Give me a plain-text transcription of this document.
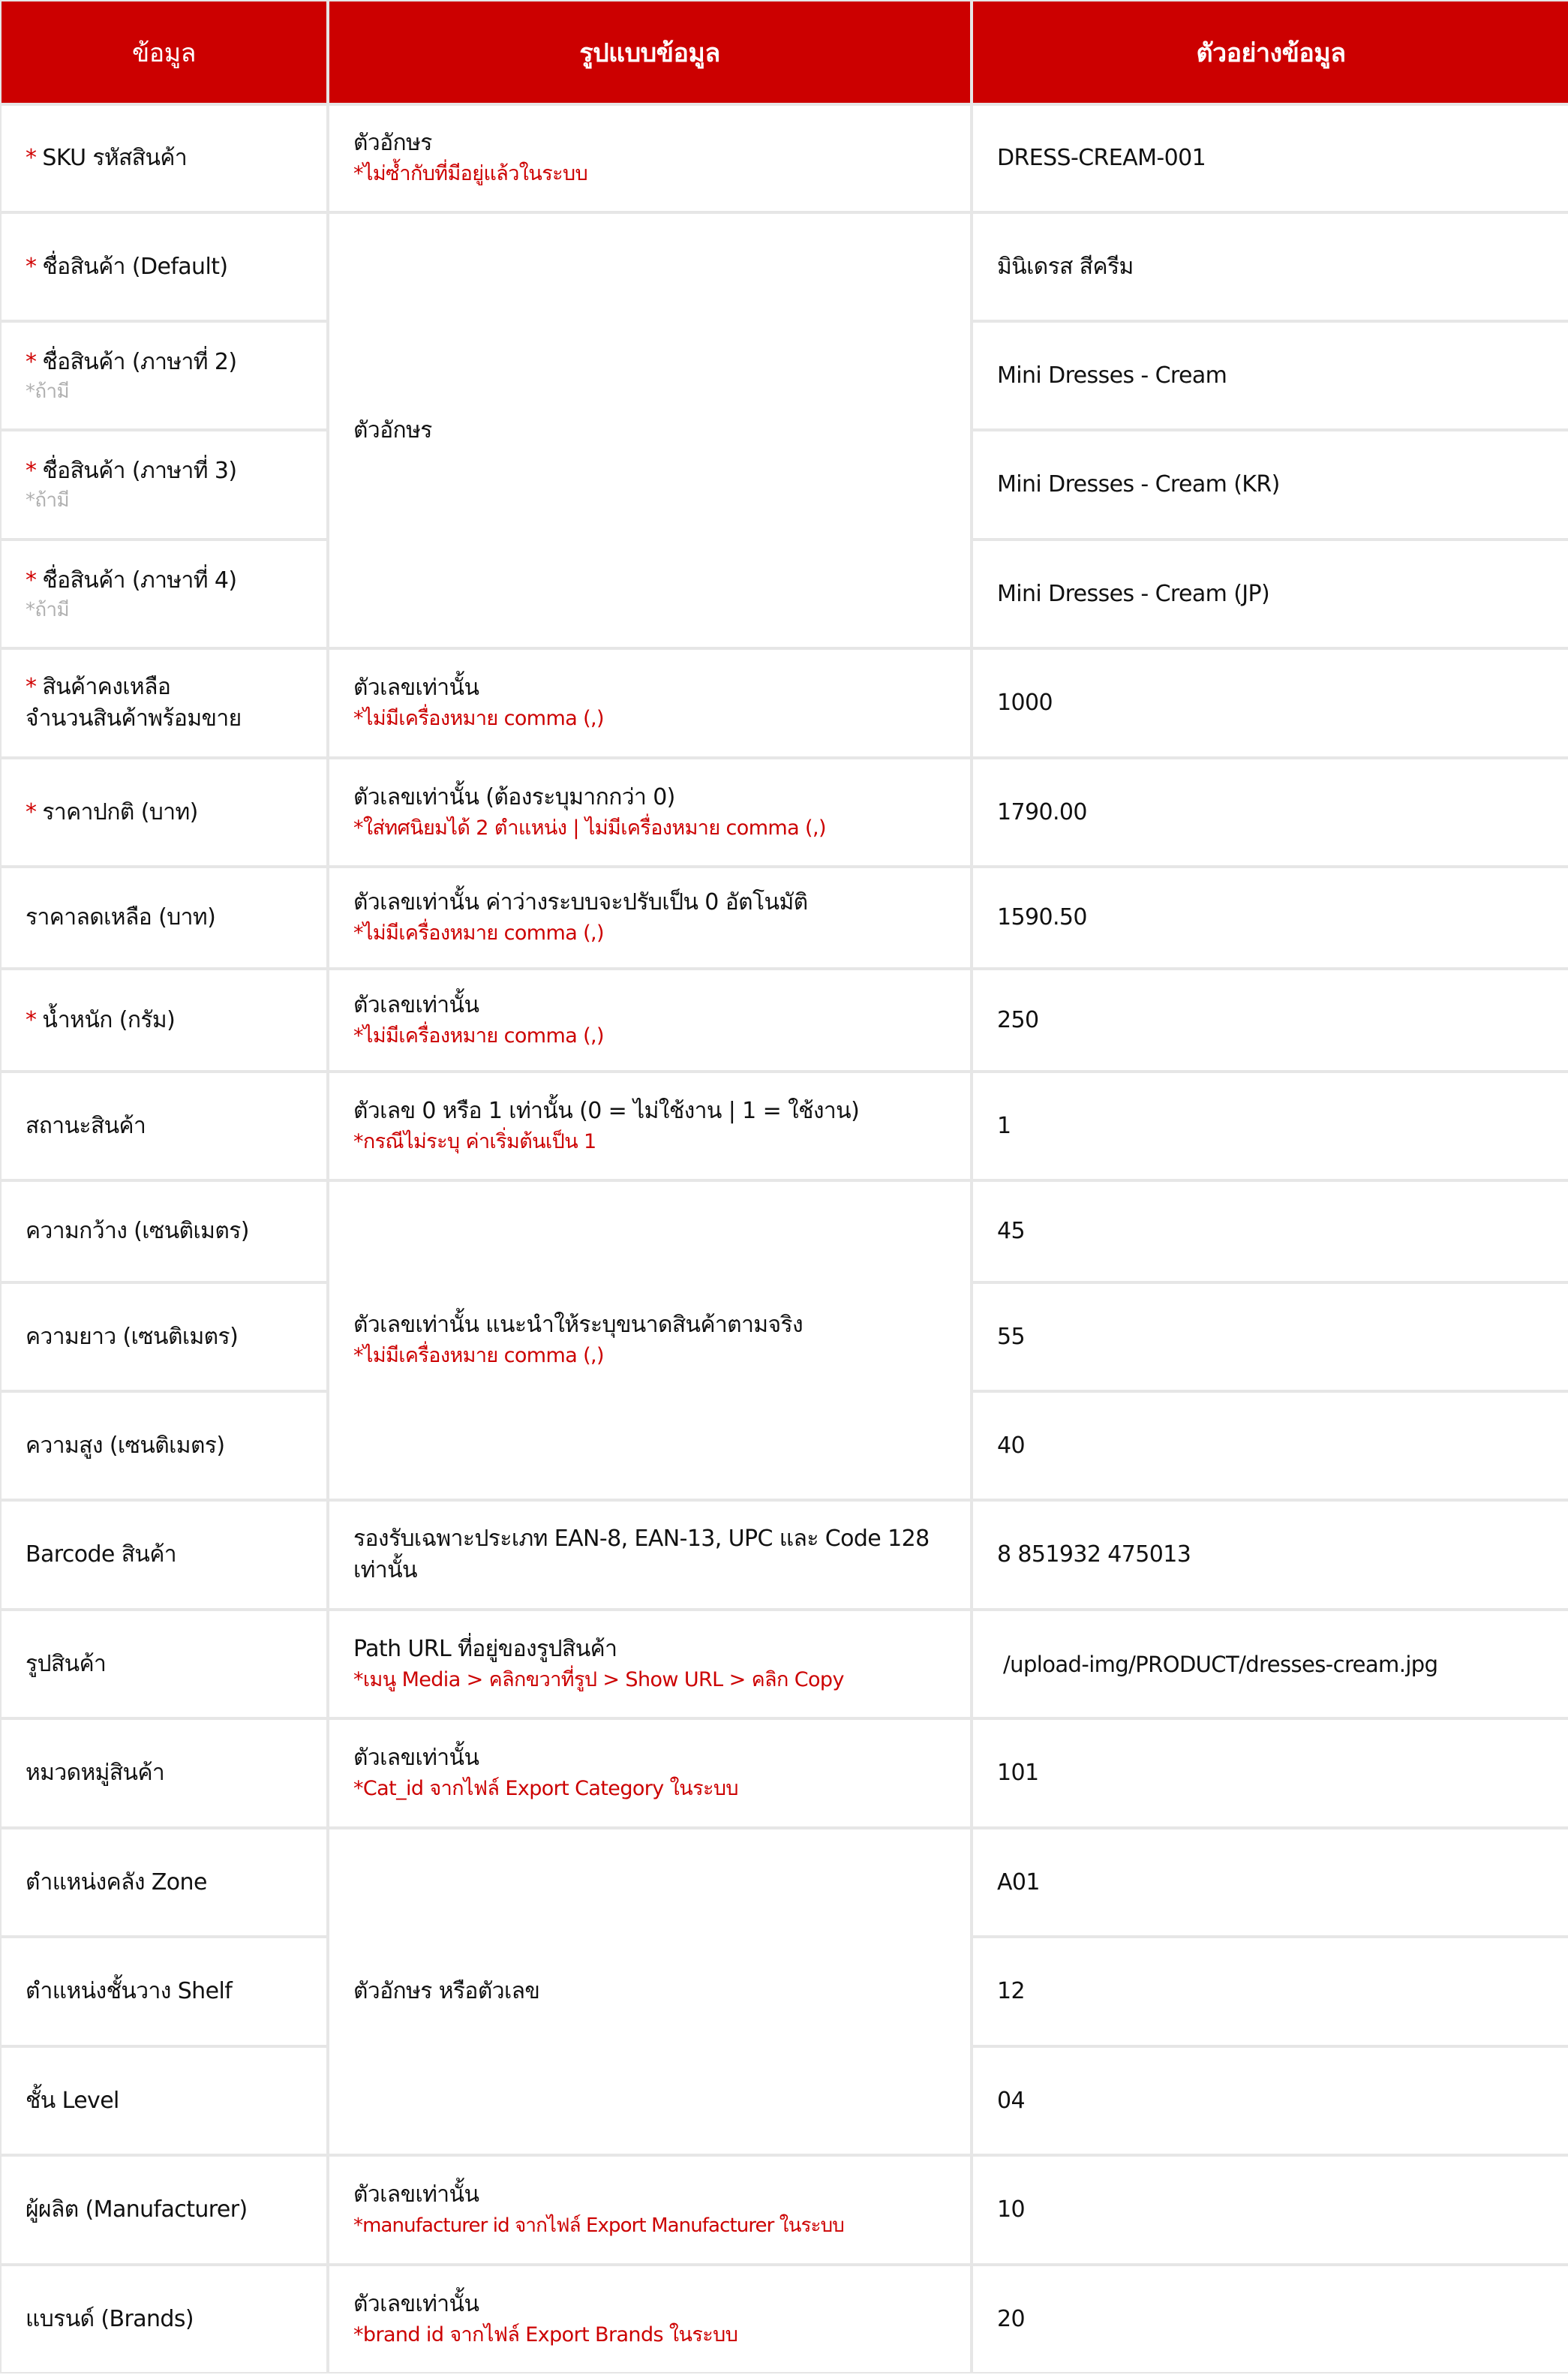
ข้อมูล	รูปแบบข้อมูล	ตัวอย่างข้อมูล
* SKU รหัสสินค้า
ตัวอักษร
*ไม่ซ้ำกับที่มีอยู่แล้วในระบบ
DRESS-CREAM-001
* ชื่อสินค้า (Default)
* ชื่อสินค้า (ภาษาที่ 2)
*ถ้ามี
* ชื่อสินค้า (ภาษาที่ 3)
*ถ้ามี
* ชื่อสินค้า (ภาษาที่ 4)
*ถ้ามี
ตัวอักษร
มินิเดรส สีครีม
Mini Dresses - Cream
Mini Dresses - Cream (KR)
Mini Dresses - Cream (JP)
* สินค้าคงเหลือ
จำนวนสินค้าพร้อมขาย
ตัวเลขเท่านั้น
*ไม่มีเครื่องหมาย comma (,)
1000
* ราคาปกติ (บาท)
ตัวเลขเท่านั้น (ต้องระบุมากกว่า 0)
*ใส่ทศนิยมได้ 2 ตำแหน่ง | ไม่มีเครื่องหมาย comma (,)
1790.00
ราคาลดเหลือ (บาท)
ตัวเลขเท่านั้น ค่าว่างระบบจะปรับเป็น 0 อัตโนมัติ
*ไม่มีเครื่องหมาย comma (,)
1590.50
* น้ำหนัก (กรัม)
ตัวเลขเท่านั้น
*ไม่มีเครื่องหมาย comma (,)
250
สถานะสินค้า
ตัวเลข 0 หรือ 1 เท่านั้น (0 = ไม่ใช้งาน | 1 = ใช้งาน)
*กรณีไม่ระบุ ค่าเริ่มต้นเป็น 1
1
ความกว้าง (เซนติเมตร)
ความยาว (เซนติเมตร)
ความสูง (เซนติเมตร)
ตัวเลขเท่านั้น แนะนำให้ระบุขนาดสินค้าตามจริง
*ไม่มีเครื่องหมาย comma (,)
45
55
40
Barcode สินค้า
รองรับเฉพาะประเภท EAN-8, EAN-13, UPC และ Code 128 เท่านั้น
8 851932 475013
รูปสินค้า
Path URL ที่อยู่ของรูปสินค้า
*เมนู Media > คลิกขวาที่รูป > Show URL > คลิก Copy
/upload-img/PRODUCT/dresses-cream.jpg
หมวดหมู่สินค้า
ตัวเลขเท่านั้น
*Cat_id จากไฟล์ Export Category ในระบบ
101
ตำแหน่งคลัง Zone
ตำแหน่งชั้นวาง Shelf
ชั้น Level
ตัวอักษร หรือตัวเลข
A01
12
04
ผู้ผลิต (Manufacturer)
ตัวเลขเท่านั้น
*manufacturer id จากไฟล์ Export Manufacturer ในระบบ
10
แบรนด์ (Brands)
ตัวเลขเท่านั้น
*brand id จากไฟล์ Export Brands ในระบบ
20
